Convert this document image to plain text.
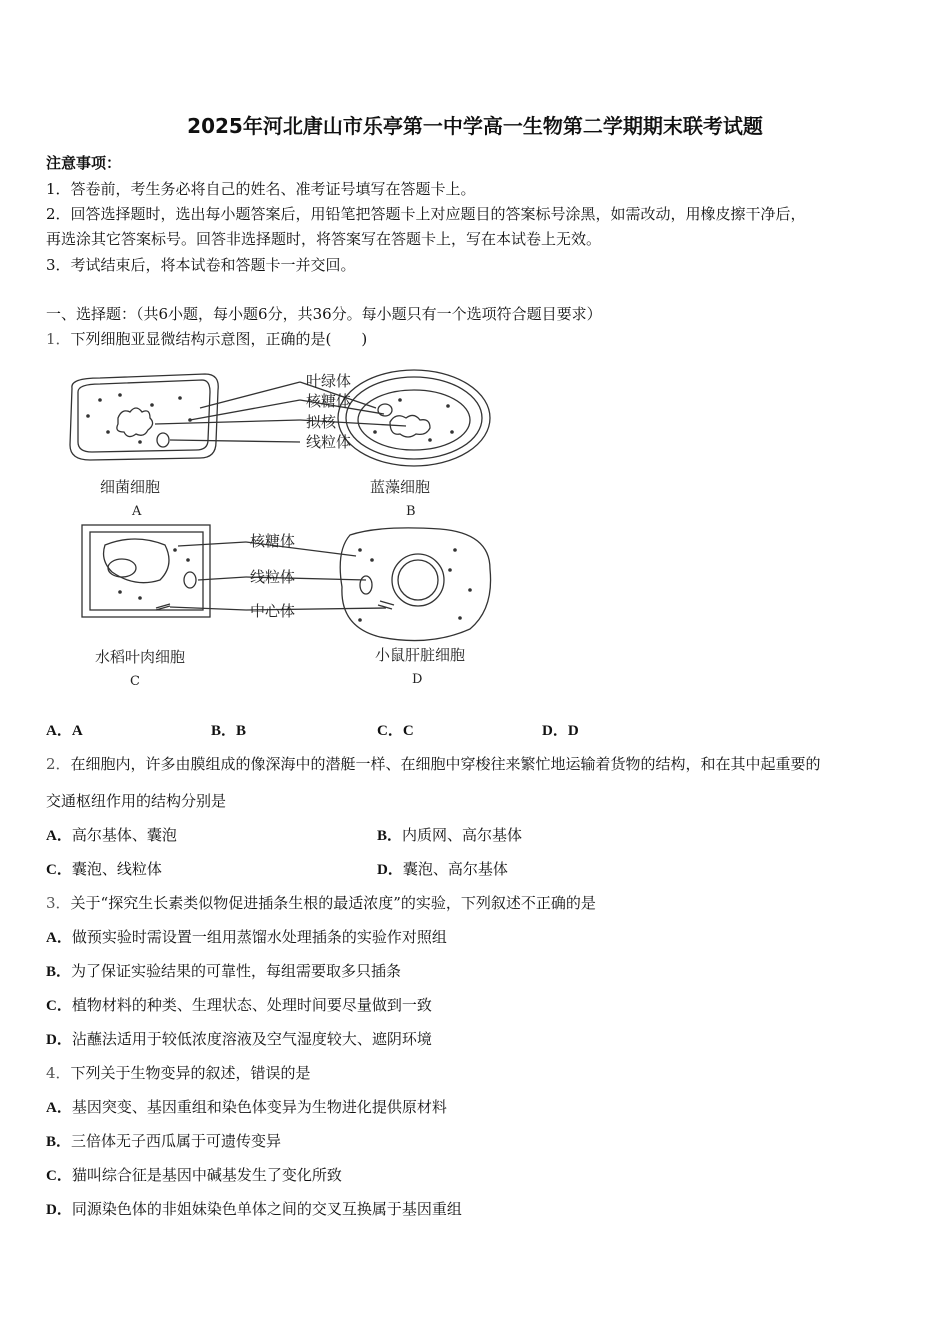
2025年河北唐山市乐亭第一中学高一生物第二学期期末联考试题
注意事项：
1．答卷前，考生务必将自己的姓名、准考证号填写在答题卡上。
2．回答选择题时，选出每小题答案后，用铅笔把答题卡上对应题目的答案标号涂黑，如需改动，用橡皮擦干净后，
再选涂其它答案标号。回答非选择题时，将答案写在答题卡上，写在本试卷上无效。
3．考试结束后，将本试卷和答题卡一并交回。
一、选择题：（共6小题，每小题6分，共36分。每小题只有一个选项符合题目要求）
1．下列细胞亚显微结构示意图，正确的是(　　)
叶绿体
核糖体
拟核
线粒体
细菌细胞
A
蓝藻细胞
B
核糖体
线粒体
中心体
水稻叶肉细胞
C
小鼠肝脏细胞
D
A．A	B．B	C．C	D．D
2．在细胞内，许多由膜组成的像深海中的潜艇一样、在细胞中穿梭往来繁忙地运输着货物的结构，和在其中起重要的
交通枢纽作用的结构分别是
A．高尔基体、囊泡	B．内质网、高尔基体
C．囊泡、线粒体	D．囊泡、高尔基体
3．关于“探究生长素类似物促进插条生根的最适浓度”的实验，下列叙述不正确的是
A．做预实验时需设置一组用蒸馏水处理插条的实验作对照组
B．为了保证实验结果的可靠性，每组需要取多只插条
C．植物材料的种类、生理状态、处理时间要尽量做到一致
D．沾蘸法适用于较低浓度溶液及空气湿度较大、遮阴环境
4．下列关于生物变异的叙述，错误的是
A．基因突变、基因重组和染色体变异为生物进化提供原材料
B．三倍体无子西瓜属于可遗传变异
C．猫叫综合征是基因中碱基发生了变化所致
D．同源染色体的非姐妹染色单体之间的交叉互换属于基因重组
